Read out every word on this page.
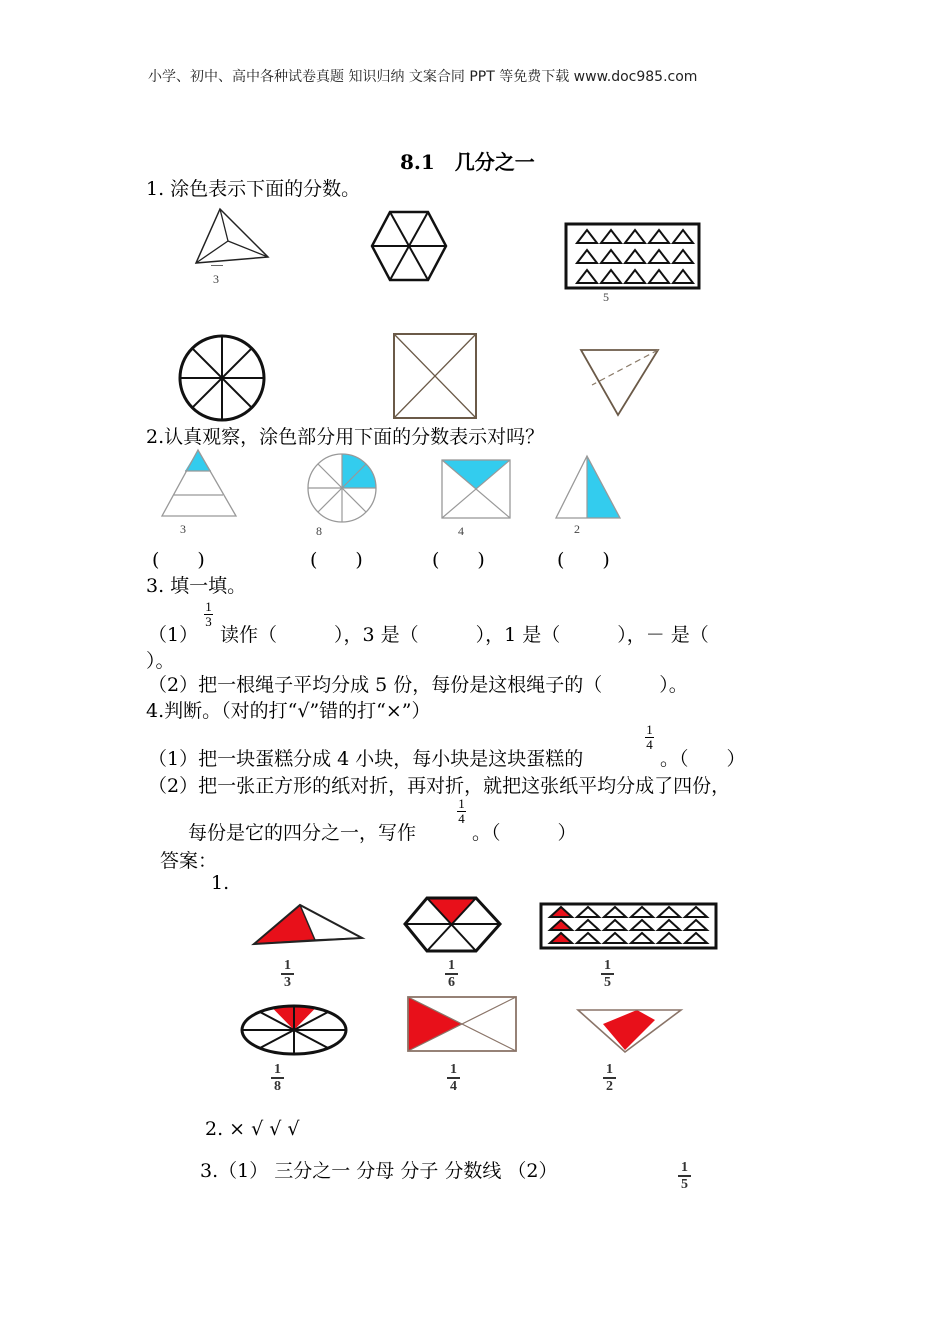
小学、初中、高中各种试卷真题 知识归纳 文案合同 PPT 等免费下载 www.doc985.com
8.1　几分之一
1. 涂色表示下面的分数。
3
5
2.认真观察，涂色部分用下面的分数表示对吗？
3	8	4	2
(　　)	(　　)	(　　)	(　　)
3. 填一填。
（1）
1
3
读作（　　　），3 是（　　　），1 是（　　　），－ 是（
）。
（2）把一根绳子平均分成 5 份，每份是这根绳子的（　　　）。
4.判断。（对的打“√”错的打“×”）
（1）把一块蛋糕分成 4 小块，每小块是这块蛋糕的
1
4
。（　　）
（2）把一张正方形的纸对折，再对折，就把这张纸平均分成了四份，
每份是它的四分之一，写作
1
4
。（　　　）
答案：
1.
1
3
1
6
1
5
1
8
1
4
1
2
2. × √ √ √
3.（1） 三分之一 分母 分子 分数线 （2）	1
5
